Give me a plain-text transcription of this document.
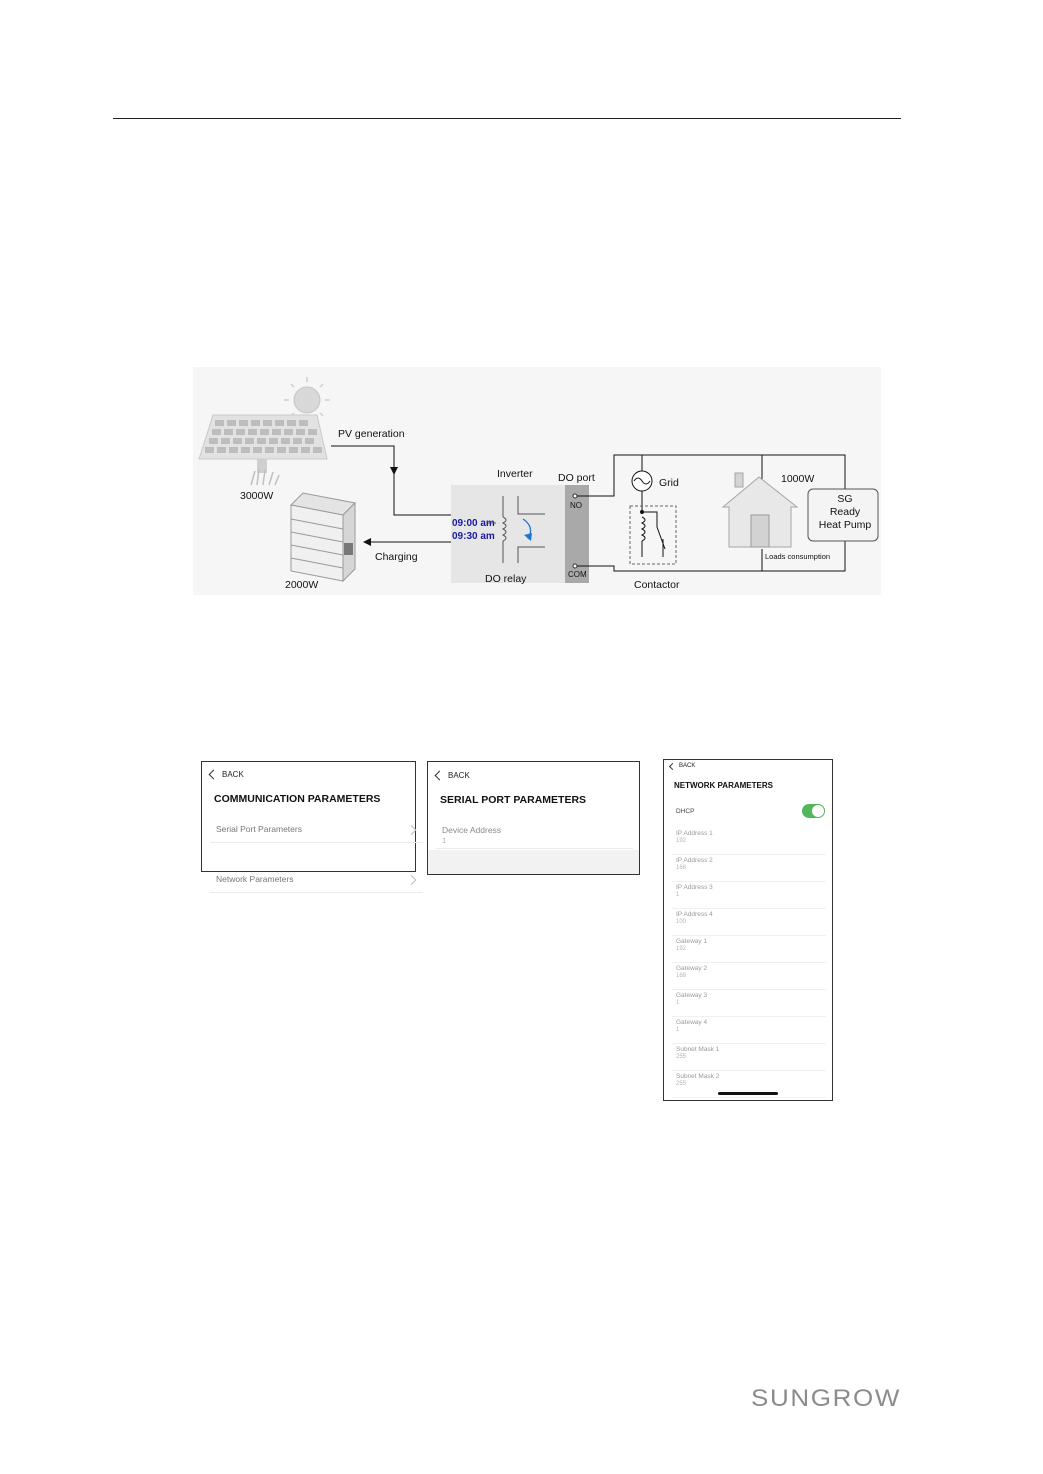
3000W
PV generation
2000W
Charging
Inverter DO port
09:00 am
09:30 am
NO
COM
DO relay
Grid
Contactor
1000W
SG
Ready
Heat Pump
Loads consumption
BACK
COMMUNICATION PARAMETERS
Serial Port Parameters
Network Parameters
BACK
SERIAL PORT PARAMETERS
Device Address
1
BACK
NETWORK PARAMETERS
DHCP
IP Address 1
192
IP Address 2
168
IP Address 3
1
IP Address 4
100
Gateway 1
192
Gateway 2
168
Gateway 3
1
Gateway 4
1
Subnet Mask 1
255
Subnet Mask 2
255
SUNGROW
